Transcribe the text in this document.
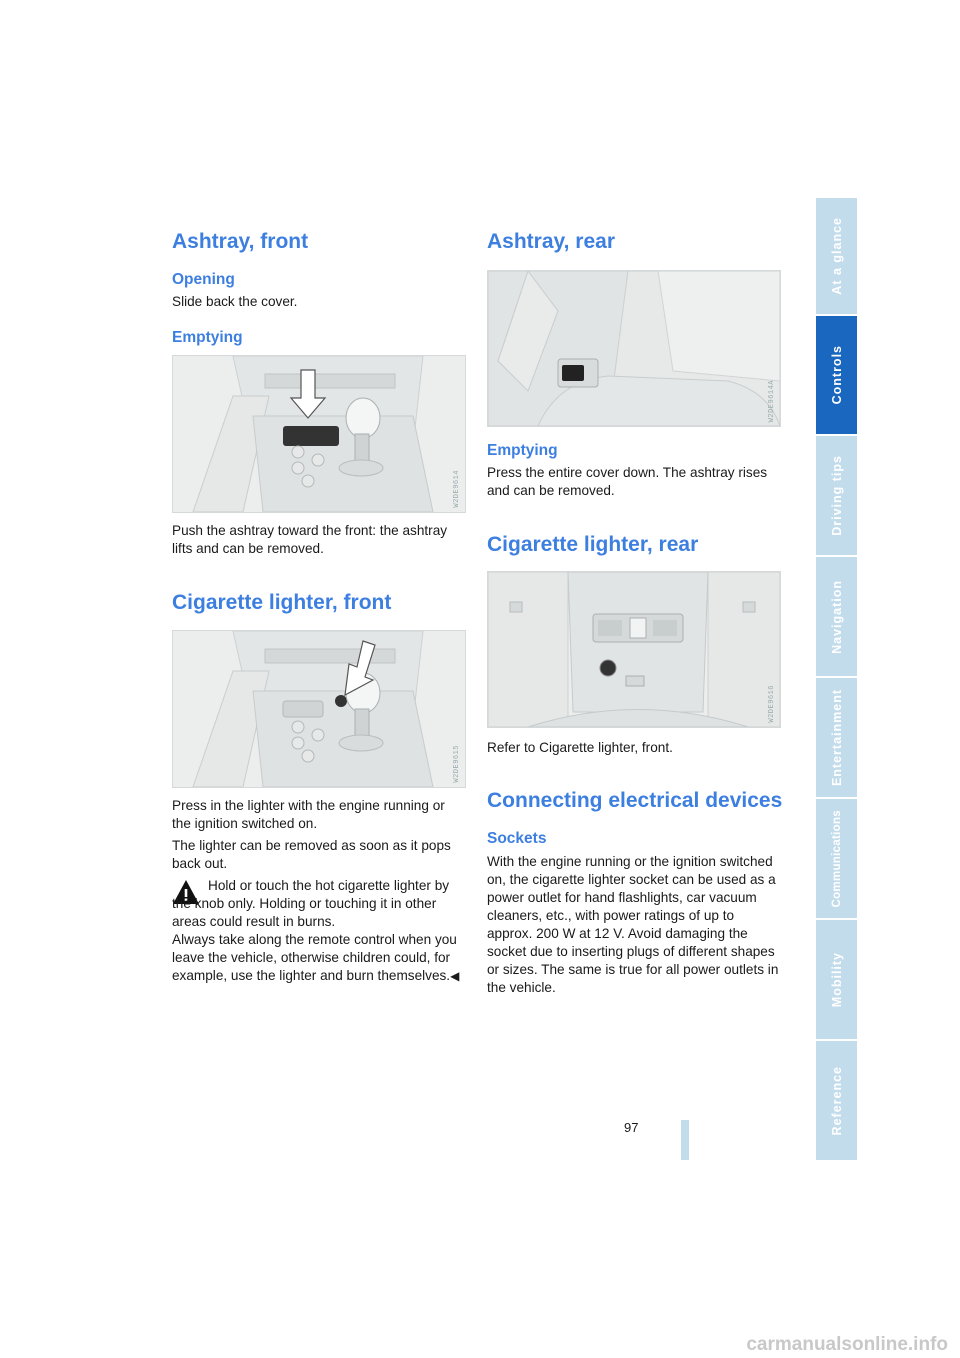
Ashtray, front
Opening

Slide back the cover.

Emptying
W2DE9614

Push the ashtray toward the front: the ashtray lifts and can be removed.

Cigarette lighter, front
W2DE9615

Press in the lighter with the engine running or the ignition switched on.

The lighter can be removed as soon as it pops back out.

Hold or touch the hot cigarette lighter by the knob only. Holding or touching it in other areas could result in burns.

Always take along the remote control when you leave the vehicle, otherwise children could, for example, use the lighter and burn themselves.◀

Ashtray, rear
W2DE9614A
Emptying

Press the entire cover down. The ashtray rises and can be removed.

Cigarette lighter, rear
W2DE9616

Refer to Cigarette lighter, front.

Connecting electrical devices
Sockets

With the engine running or the ignition switched on, the cigarette lighter socket can be used as a power outlet for hand flashlights, car vacuum cleaners, etc., with power ratings of up to approx. 200 W at 12 V. Avoid damaging the socket due to inserting plugs of different shapes or sizes. The same is true for all power outlets in the vehicle.

At a glance
Controls
Driving tips
Navigation
Entertainment
Communications
Mobility
Reference
97
carmanualsonline.info
